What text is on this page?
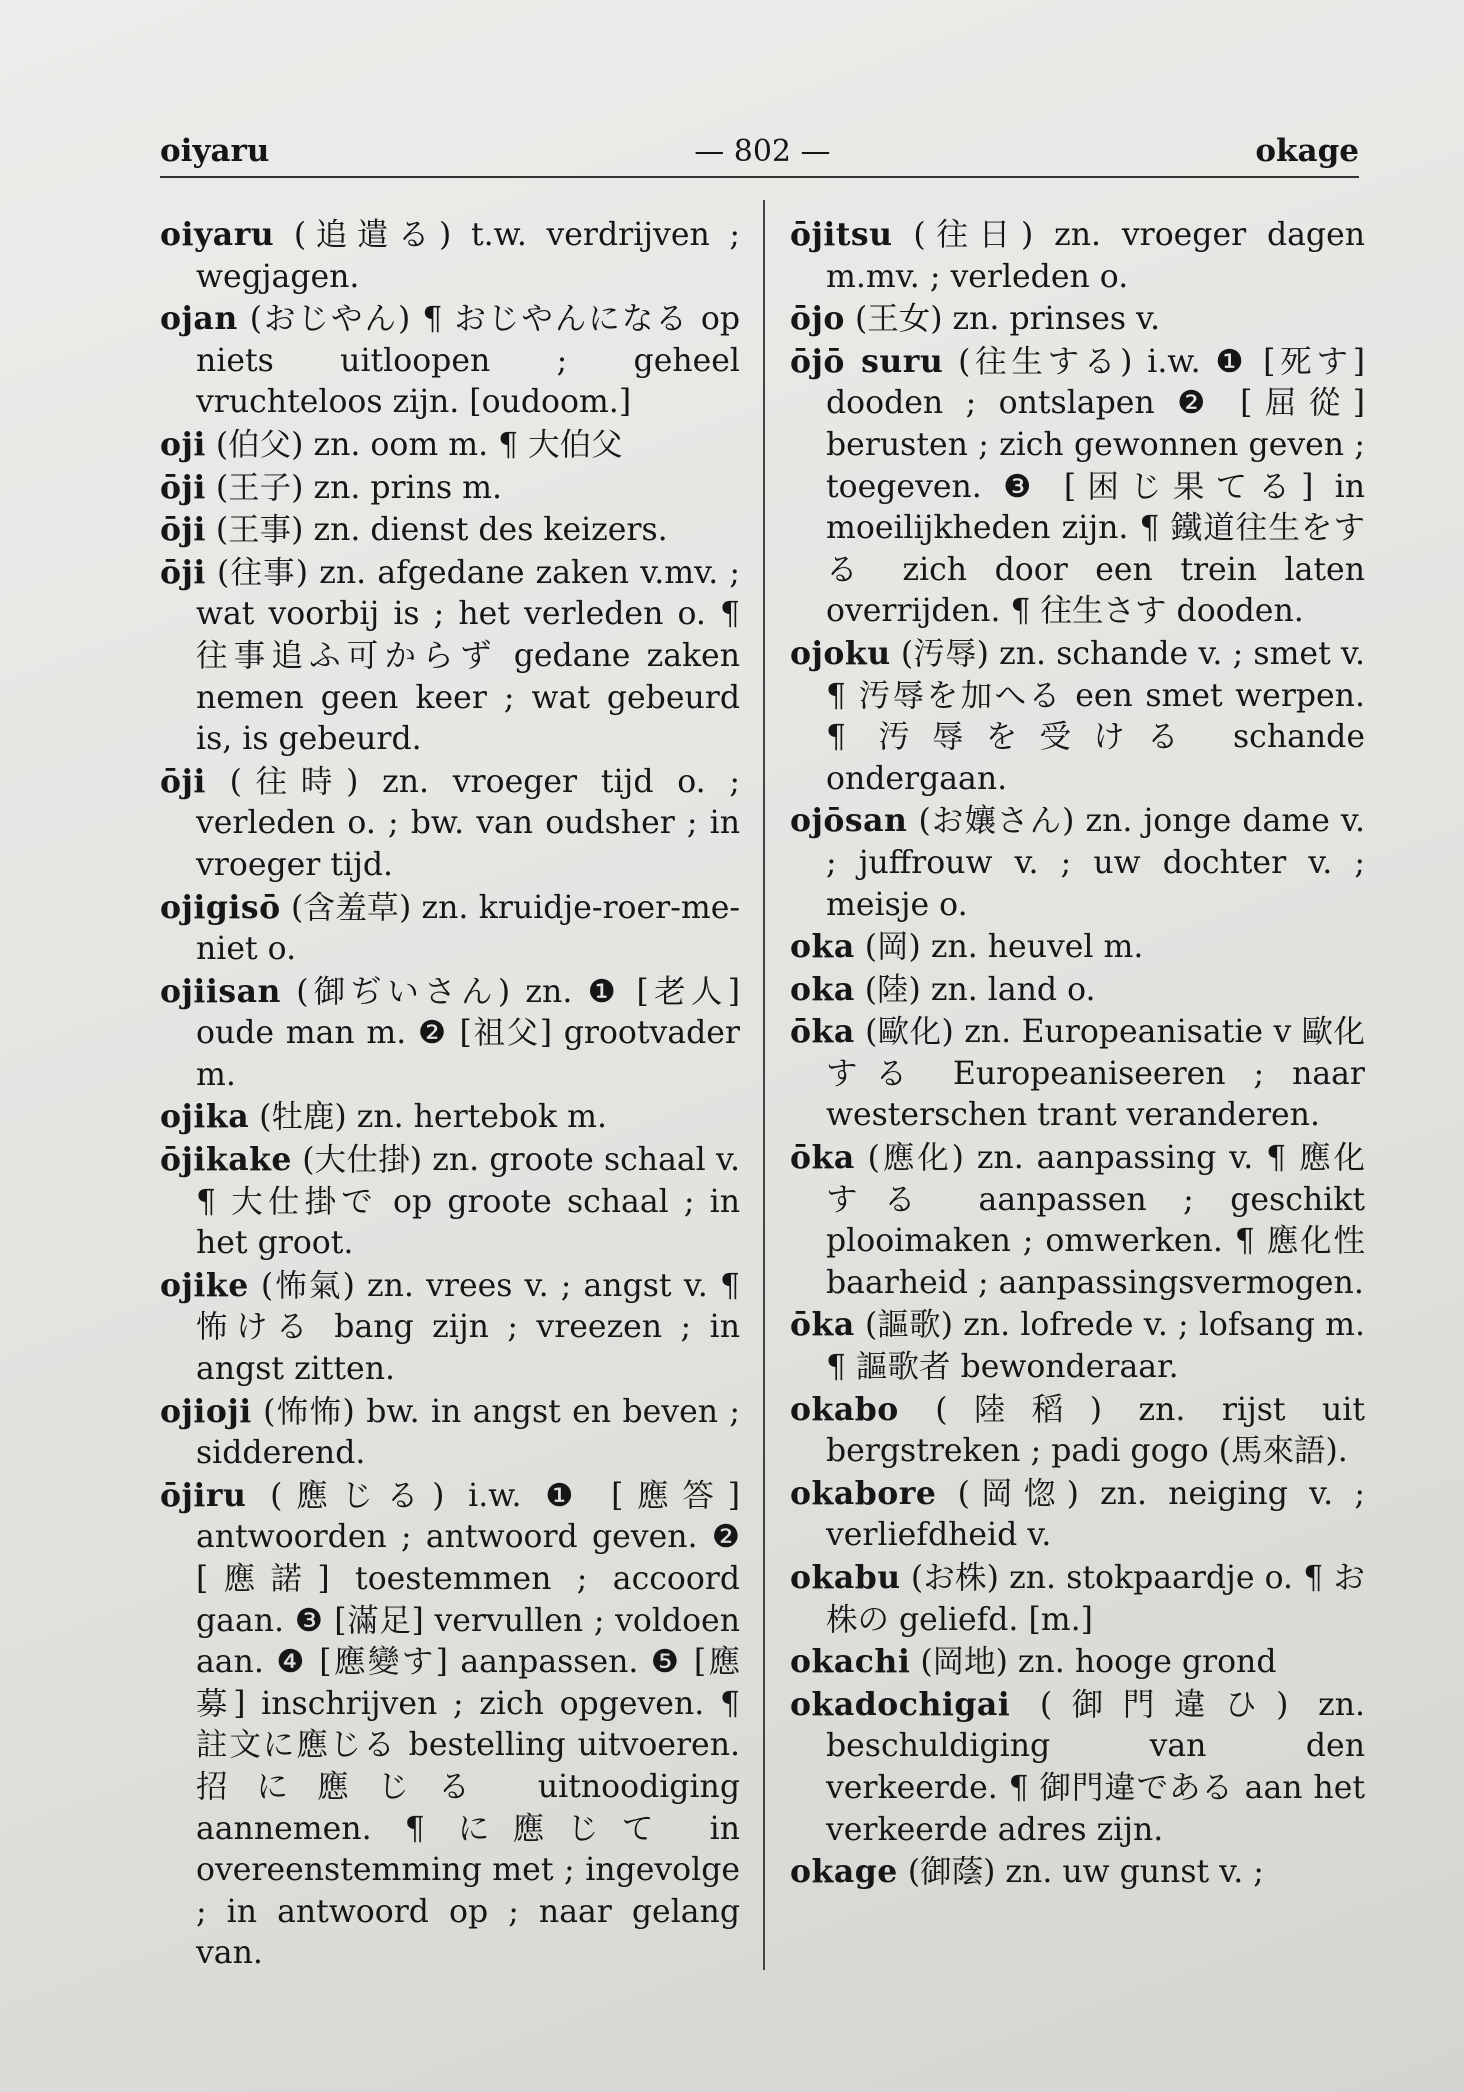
oiyaru	— 802 —	okage

oiyaru (追遣る) t.w. verdrijven ; wegjagen.

ojan (おじやん) ¶ おじやんになる op niets uitloopen ; geheel vruchteloos zijn. [oudoom.]

oji (伯父) zn. oom m. ¶ 大伯父

ōji (王子) zn. prins m.

ōji (王事) zn. dienst des keizers.

ōji (往事) zn. afgedane zaken v.mv. ; wat voorbij is ; het verleden o. ¶ 往事追ふ可からず gedane zaken nemen geen keer ; wat gebeurd is, is gebeurd.

ōji (往時) zn. vroeger tijd o. ; verleden o. ; bw. van oudsher ; in vroeger tijd.

ojigisō (含羞草) zn. kruidje-roer-me-niet o.

ojiisan (御ぢいさん) zn. ❶ [老人] oude man m. ❷ [祖父] grootvader m.

ojika (牡鹿) zn. hertebok m.

ōjikake (大仕掛) zn. groote schaal v. ¶ 大仕掛で op groote schaal ; in het groot.

ojike (怖氣) zn. vrees v. ; angst v. ¶ 怖ける bang zijn ; vreezen ; in angst zitten.

ojioji (怖怖) bw. in angst en beven ; sidderend.

ōjiru (應じる) i.w. ❶ [應答] antwoorden ; antwoord geven. ❷ [應諾] toestemmen ; accoord gaan. ❸ [滿足] vervullen ; voldoen aan. ❹ [應變す] aanpassen. ❺ [應募] inschrijven ; zich opgeven. ¶ 註文に應じる bestelling uitvoeren. 招に應じる uitnoodiging aannemen. ¶ に應じて in overeenstemming met ; ingevolge ; in antwoord op ; naar gelang van.

ōjitsu (往日) zn. vroeger dagen m.mv. ; verleden o.

ōjo (王女) zn. prinses v.

ōjō suru (往生する) i.w. ❶ [死す] dooden ; ontslapen ❷ [屈從] berusten ; zich gewonnen geven ; toegeven. ❸ [困じ果てる] in moeilijkheden zijn. ¶ 鐵道往生をする zich door een trein laten overrijden. ¶ 往生さす dooden.

ojoku (汚辱) zn. schande v. ; smet v. ¶ 汚辱を加へる een smet werpen. ¶ 汚辱を受ける schande ondergaan.

ojōsan (お孃さん) zn. jonge dame v. ; juffrouw v. ; uw dochter v. ; meisje o.

oka (岡) zn. heuvel m.

oka (陸) zn. land o.

ōka (歐化) zn. Europeanisatie v 歐化する Europeaniseeren ; naar westerschen trant veranderen.

ōka (應化) zn. aanpassing v. ¶ 應化する aanpassen ; geschikt plooimaken ; omwerken. ¶ 應化性 baarheid ; aanpassingsvermogen.

ōka (謳歌) zn. lofrede v. ; lofsang m. ¶ 謳歌者 bewonderaar.

okabo (陸稻) zn. rijst uit bergstreken ; padi gogo (馬來語).

okabore (岡惚) zn. neiging v. ; verliefdheid v.

okabu (お株) zn. stokpaardje o. ¶ お株の geliefd. [m.]

okachi (岡地) zn. hooge grond

okadochigai (御門違ひ) zn. beschuldiging van den verkeerde. ¶ 御門違である aan het verkeerde adres zijn.

okage (御蔭) zn. uw gunst v. ;
